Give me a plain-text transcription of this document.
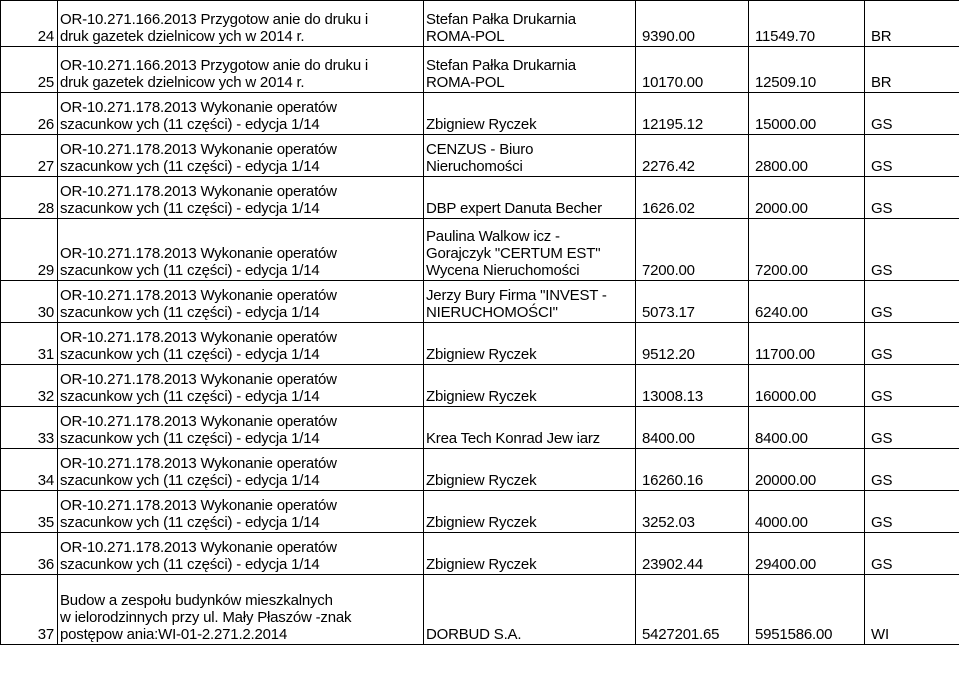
24	OR-10.271.166.2013 Przygotow anie do druku i
druk gazetek dzielnicow ych w 2014 r.	Stefan Pałka Drukarnia
ROMA-POL	9390.00	11549.70	BR
25	OR-10.271.166.2013 Przygotow anie do druku i
druk gazetek dzielnicow ych w 2014 r.	Stefan Pałka Drukarnia
ROMA-POL	10170.00	12509.10	BR
26	OR-10.271.178.2013 Wykonanie operatów
szacunkow ych (11 części) - edycja 1/14	Zbigniew Ryczek	12195.12	15000.00	GS
27	OR-10.271.178.2013 Wykonanie operatów
szacunkow ych (11 części) - edycja 1/14	CENZUS - Biuro
Nieruchomości	2276.42	2800.00	GS
28	OR-10.271.178.2013 Wykonanie operatów
szacunkow ych (11 części) - edycja 1/14	DBP expert Danuta Becher	1626.02	2000.00	GS
29	OR-10.271.178.2013 Wykonanie operatów
szacunkow ych (11 części) - edycja 1/14	Paulina Walkow icz -
Gorajczyk "CERTUM EST"
Wycena Nieruchomości	7200.00	7200.00	GS
30	OR-10.271.178.2013 Wykonanie operatów
szacunkow ych (11 części) - edycja 1/14	Jerzy Bury Firma "INVEST -
NIERUCHOMOŚCI"	5073.17	6240.00	GS
31	OR-10.271.178.2013 Wykonanie operatów
szacunkow ych (11 części) - edycja 1/14	Zbigniew Ryczek	9512.20	11700.00	GS
32	OR-10.271.178.2013 Wykonanie operatów
szacunkow ych (11 części) - edycja 1/14	Zbigniew Ryczek	13008.13	16000.00	GS
33	OR-10.271.178.2013 Wykonanie operatów
szacunkow ych (11 części) - edycja 1/14	Krea Tech Konrad Jew iarz	8400.00	8400.00	GS
34	OR-10.271.178.2013 Wykonanie operatów
szacunkow ych (11 części) - edycja 1/14	Zbigniew Ryczek	16260.16	20000.00	GS
35	OR-10.271.178.2013 Wykonanie operatów
szacunkow ych (11 części) - edycja 1/14	Zbigniew Ryczek	3252.03	4000.00	GS
36	OR-10.271.178.2013 Wykonanie operatów
szacunkow ych (11 części) - edycja 1/14	Zbigniew Ryczek	23902.44	29400.00	GS
37	Budow a zespołu budynków mieszkalnych
w ielorodzinnych przy ul. Mały Płaszów -znak
postępow ania:WI-01-2.271.2.2014	DORBUD S.A.	5427201.65	5951586.00	WI
